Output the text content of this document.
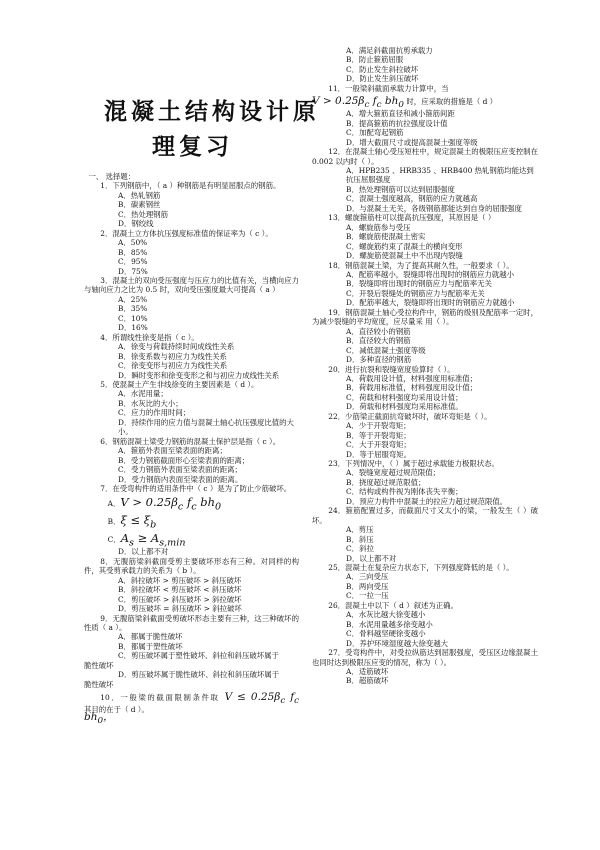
混凝土结构设计原
理复习

一、 选择题：

1．下列钢筋中，（ a ）种钢筋是有明显屈服点的钢筋。

A．热轧钢筋

B．碳素钢丝

C．热处理钢筋

D．钢绞线

2．混凝土立方体抗压强度标准值的保证率为（ c ）。

A．50%

B．85%

C．95%

D．75%

3．混凝土的双向受压强度与压应力的比值有关，当横向应力与轴向应力之比为 0.5 时，双向受压强度最大可提高（ a ）

A．25%

B．35%

C．10%

D．16%

4．所谓线性徐变是指（ c ）。

A．徐变与荷载持续时间成线性关系

B．徐变系数与初应力为线性关系

C．徐变变形与初应力为线性关系

D．瞬时变形和徐变变形之和与初应力成线性关系

5．使混凝土产生非线徐变的主要因素是（ d ）。

A．水泥用量；

B．水灰比的大小；

C．应力的作用时间；

D．持续作用的应力值与混凝土轴心抗压强度比值的大小。

6．钢筋混凝土梁受力钢筋的混凝土保护层是指（ c ）。

A．箍筋外表面至梁表面的距离；

B．受力钢筋截面形心至梁表面的距离；

C．受力钢筋外表面至梁表面的距离；

D．受力钢筋内表面至梁表面的距离。

7．在受弯构件的适用条件中（ c ）是为了防止少筋破坏。

A．$V > 0.25\beta_c$ $f_c$ $bh_0$

B．$\xi \le \xi_b$

C．$A_s \ge A_{s,min}$

D．以上都不对

8．无腹筋梁斜截面受剪主要破坏形态有三种。对同样的构件，其受剪承载力的关系为（ b ）。

A．斜拉破坏 > 剪压破坏 > 斜压破坏

B．斜拉破坏 < 剪压破坏 < 斜压破坏

C．剪压破坏 > 斜压破坏 > 斜拉破坏

D．剪压破坏 = 斜压破坏 > 斜拉破坏

9．无腹筋梁斜截面受剪破坏形态主要有三种，这三种破坏的性质（ a ）。

A．都属于脆性破坏

B．都属于塑性破坏

C．剪压破坏属于塑性破坏、斜拉和斜压破坏属于

脆性破坏

D．剪压破坏属于脆性破坏、斜拉和斜压破坏属于

脆性破坏

10．一般梁的截面限制条件取 $V \le 0.25\beta_c$ $f_c$ $bh_0$，

其目的在于（ d ）。

A．满足斜截面抗剪承载力

B．防止箍筋屈服

C．防止发生斜拉破坏

D．防止发生斜压破坏

11．一般梁斜截面承载力计算中，当

$V > 0.25\beta_c$ $f_c$ $bh_0$ 时，应采取的措施是（ d ）

A．增大箍筋直径和减小箍筋间距

B．提高箍筋的抗拉强度设计值

C．加配弯起钢筋

D．增大截面尺寸或提高混凝土强度等级

12．在混凝土轴心受压短柱中，规定混凝土的极限压应变控制在 0.002 以内时（ ）。

A．HPB235 、HRB335 、HRB400 热轧钢筋均能达到抗压屈服强度

B．热处理钢筋可以达到屈服强度

C．混凝土强度越高，钢筋的应力就越高

D．与混凝土无关，各级钢筋都能达到自身的屈服强度

13．螺旋箍筋柱可以提高抗压强度，其原因是（ ）

A．螺旋筋参与受压

B．螺旋筋使混凝土密实

C．螺旋筋约束了混凝土的横向变形

D．螺旋筋使混凝土中不出现内裂缝

18．钢筋混凝土梁，为了提高其耐久性，一般要求（ ）。

A．配筋率越小，裂缝即将出现时的钢筋应力就越小

B．裂缝即将出现时的钢筋应力与配筋率无关

C．开裂后裂缝处的钢筋应力与配筋率无关

D．配筋率越大，裂缝即将出现时的钢筋应力就越小

19．钢筋混凝土轴心受拉构件中，钢筋的级别及配筋率一定时，为减少裂缝的平均宽度，应尽量采 用（ ）。

A．直径较小的钢筋

B．直径较大的钢筋

C．减低混凝土强度等级

D．多种直径的钢筋

20．进行抗裂和裂缝宽度验算时（ ）。

A．荷载用设计值，材料强度用标准值；

B．荷载用标准值，材料强度用设计值；

C．荷载和材料强度均采用设计值；

D．荷载和材料强度均采用标准值。

22．少筋梁正截面抗弯破坏时，破坏弯矩是（ ）。

A．少于开裂弯矩；

B．等于开裂弯矩；

C．大于开裂弯矩；

D．等于屈服弯矩。

23．下列情况中，（ ）属于超过承载能力极限状态。

A．裂缝宽度超过规范限值；

B．挠度超过规范限值；

C．结构或构件视为刚体丧失平衡；

D．预应力构件中混凝土的拉应力超过规范限值。

24．箍筋配置过多，而截面尺寸又太小的梁，一般发生（ ）破坏。

A．剪压

B．斜压

C．斜拉

D．以上都不对

25．混凝土在复杂应力状态下，下列强度降低的是（ ）。

A．三向受压

B．两向受压

C．一拉一压

26．混凝土中以下（ d ）叙述为正确。

A．水灰比越大徐变越小

B．水泥用量越多徐变越小

C．骨料越坚硬徐变越小

D．养护环境湿度越大徐变越大

27．受弯构件中，对受拉纵筋达到屈服强度，受压区边缘混凝土也同时达到极限压应变的情况，称为（ ）。

A．适筋破坏

B．超筋破坏
